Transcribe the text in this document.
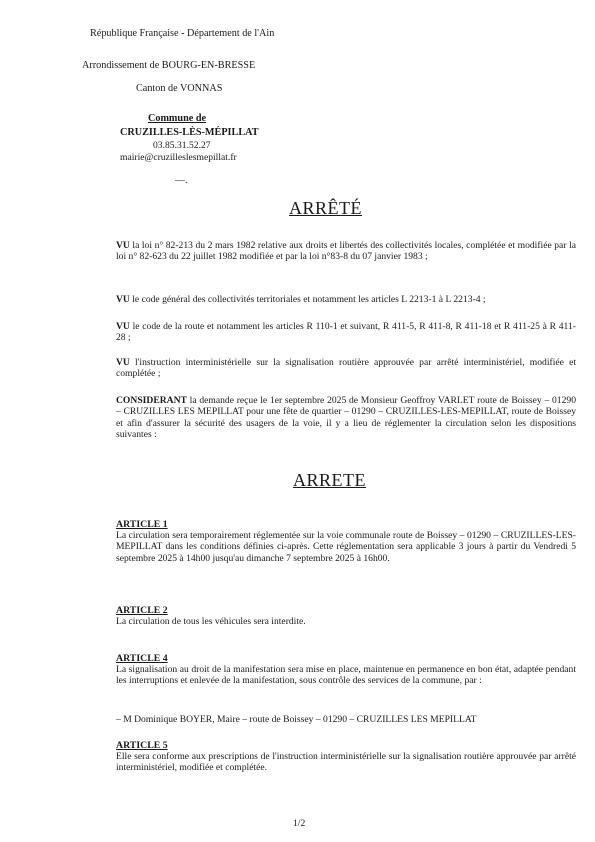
République Française - Département de l'Ain
Arrondissement de BOURG-EN-BRESSE
Canton de VONNAS
Commune de
CRUZILLES-LÈS-MÉPILLAT
03.85.31.52.27
mairie@cruzilleslesmepillat.fr
—.
ARRÊTÉ
VU la loi n° 82-213 du 2 mars 1982 relative aux droits et libertés des collectivités locales, complétée et modifiée par la loi n° 82-623 du 22 juillet 1982 modifiée et par la loi n°83-8 du 07 janvier 1983 ;
VU le code général des collectivités territoriales et notamment les articles L 2213-1 à L 2213-4 ;
VU le code de la route et notamment les articles R 110-1 et suivant, R 411-5, R 411-8, R 411-18 et R 411-25 à R 411-28 ;
VU l'instruction interministérielle sur la signalisation routière approuvée par arrêté interministériel, modifiée et complétée ;
CONSIDERANT la demande reçue le 1er septembre 2025 de Monsieur Geoffroy VARLET route de Boissey – 01290 – CRUZILLES LES MEPILLAT pour une fête de quartier – 01290 – CRUZILLES-LES-MEPILLAT, route de Boissey et afin d'assurer la sécurité des usagers de la voie, il y a lieu de réglementer la circulation selon les dispositions suivantes :
ARRETE
ARTICLE 1
La circulation sera temporairement réglementée sur la voie communale route de Boissey – 01290 – CRUZILLES-LES-MEPILLAT dans les conditions définies ci-après. Cette réglementation sera applicable 3 jours à partir du Vendredi 5 septembre 2025 à 14h00 jusqu'au dimanche 7 septembre 2025 à 16h00.
ARTICLE 2
La circulation de tous les véhicules sera interdite.
ARTICLE 4
La signalisation au droit de la manifestation sera mise en place, maintenue en permanence en bon état, adaptée pendant les interruptions et enlevée de la manifestation, sous contrôle des services de la commune, par :
– M Dominique BOYER, Maire – route de Boissey – 01290 – CRUZILLES LES MEPILLAT
ARTICLE 5
Elle sera conforme aux prescriptions de l'instruction interministérielle sur la signalisation routière approuvée par arrêté interministériel, modifiée et complétée.
1/2
